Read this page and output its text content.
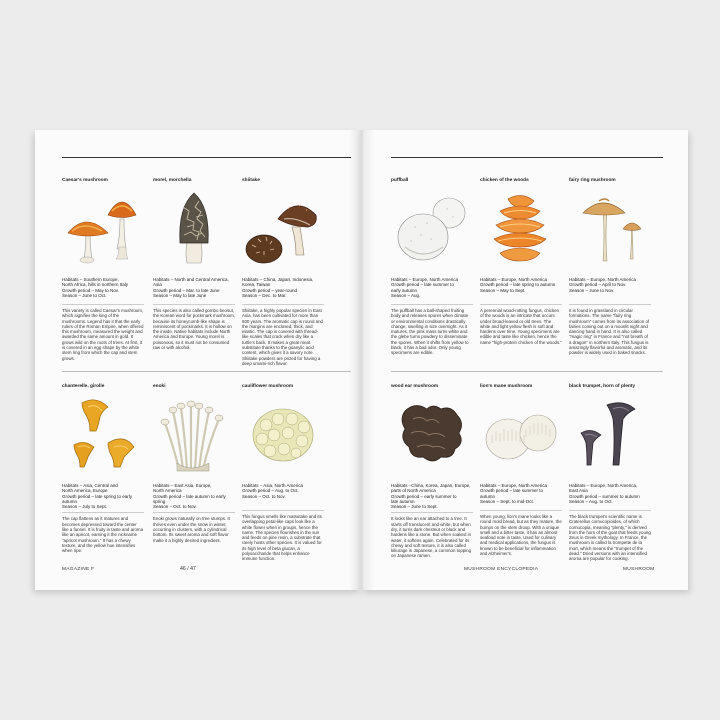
Caesar's mushroom
Habitats – Southern Europe,
North Africa, hills in northern Italy
Growth period – May to Nov.
Season – June to Oct.
This variety is called Caesar's mushroom, which signifies the king of the mushrooms. Legend has it that the early rulers of the Roman Empire, when offered this mushroom, measured the weight and awarded the same amount in gold. It grows wild on the roots of trees. At first, it is covered in an egg shape by the white stem ring from which the cap and stem grows.
morel, morchella
Habitats – North and Central America,
Asia
Growth period – Mar. to late June
Season – May to late June
This species is also called gombo beosut, the Korean word for pockmark mushroom, because its honeycomb-like shape is reminiscent of pockmarks. It is hollow on the inside. Native habitats include North America and Europe. Young morel is poisonous, so it must not be consumed raw or with alcohol.
shiitake
Habitats – China, Japan, Indonesia,
Korea, Taiwan
Growth period – year-round
Season – Dec. to Mar.
Shiitake, a highly popular species in East Asia, has been cultivated for more than 600 years. The aromatic cap is round and the margins are enclosed, thick, and elastic. The cap is covered with thread-like scales that crack when dry like a turtle's back. It makes a great meat substitute thanks to the guanylic acid content, which gives it a savory note. Shiitake powders are prized for having a deep umami-rich flavor.
chanterelle, girolle
Habitats – Asia, Central and
North America, Europe
Growth period – late spring to early
autumn
Season – July to Sept.
The cap flattens as it matures and becomes depressed toward the center like a funnel. It is fruity in taste and aroma like an apricot, earning it the nickname "apricot mushroom." It has a chewy texture, and the yellow hue intensifies when ripe.
enoki
Habitats – East Asia, Europe,
North America
Growth period – late autumn to early
spring
Season – Oct. to Nov.
Enoki grows naturally on tree stumps. It thrives even under the snow in winter, occurring in clusters, with a cylindrical bottom. Its sweet aroma and soft flavor make it a highly desired ingredient.
cauliflower mushroom
Habitats – Asia, North America
Growth period – Aug. to Oct.
Season – Oct. to Nov.
This fungus smells like matsutake and its overlapping petal-like caps look like a white flower when in groups, hence the name. The species flourishes in the sun and feeds on pine resin, a substrate that rarely hosts other species. It is valued for its high level of beta glucan, a polysaccharide that helps enhance immune function.
MAGAZINE F	46 / 47
puffball
Habitats – Europe, North America
Growth period – late summer to
early autumn
Season – Aug.
The puffball has a ball-shaped fruiting body and releases spores when climate or environmental conditions drastically change, swelling in size overnight. As it matures, the pink mass turns white and the glebe turns powdery to disseminate the spores. When it shifts from yellow to black, it has a bad odor. Only young specimens are edible.
chicken of the woods
Habitats – Europe, North America
Growth period – late spring to autumn
Season – May to Sept.
A perennial wood-rotting fungus, chicken of the woods is an intricate that occurs under broad-leaved or old trees. The white and light yellow flesh is soft and hardens over time. Young specimens are edible and taste like chicken, hence the name "high-protein chicken of the woods."
fairy ring mushroom
Habitats – Europe, North America
Growth period – April to Nov.
Season – June to Nov.
It is found in grassland in circular formations. The name "fairy ring mushroom" comes from its association of fairies coming out on a moonlit night and dancing hand in hand. It is also called "magic ring" in France and "not breath of a dragon" in northern Italy. This fungus is amazingly flavorful and aromatic, and its powder is widely used in baked snacks.
wood ear mushroom
Habitats –China, Korea, Japan, Europe,
parts of North America
Growth period – early summer to
late autumn
Season – June to Sept.
It looks like an ear attached to a tree. It starts off translucent and white, but when dry, it turns dark chestnut or black and hardens like a stone. But when soaked in water, it softens again. Celebrated for its chewy and soft texture, it is also called kikurage in Japanese, a common topping on Japanese ramen.
lion's mane mushroom
Habitats – Europe, North America
Growth period – late summer to
autumn
Season – Sept. to mid-Oct.
When young, lion's mane looks like a round mold bread, but as they mature, the bumps on the stem droop. With a unique smell and a bitter taste, it has an almost seafood note in taste. Used for culinary and medical applications, the fungus is known to be beneficial for inflammation and Alzheimer's.
black trumpet, horn of plenty
Habitats – Europe, North America,
East Asia
Growth period – summer to autumn
Season – Aug. to Oct.
The black trumpet's scientific name is Craterellus cornucopioides, of which cornucopia, meaning "plenty," is derived from the horn of the goat that feeds young Zeus in Greek mythology. In France, the mushroom is called la trompette de la mort, which means the "trumpet of the dead." Dried versions with an intensified aroma are popular for cooking.
MUSHROOM ENCYCLOPEDIA	MUSHROOM
